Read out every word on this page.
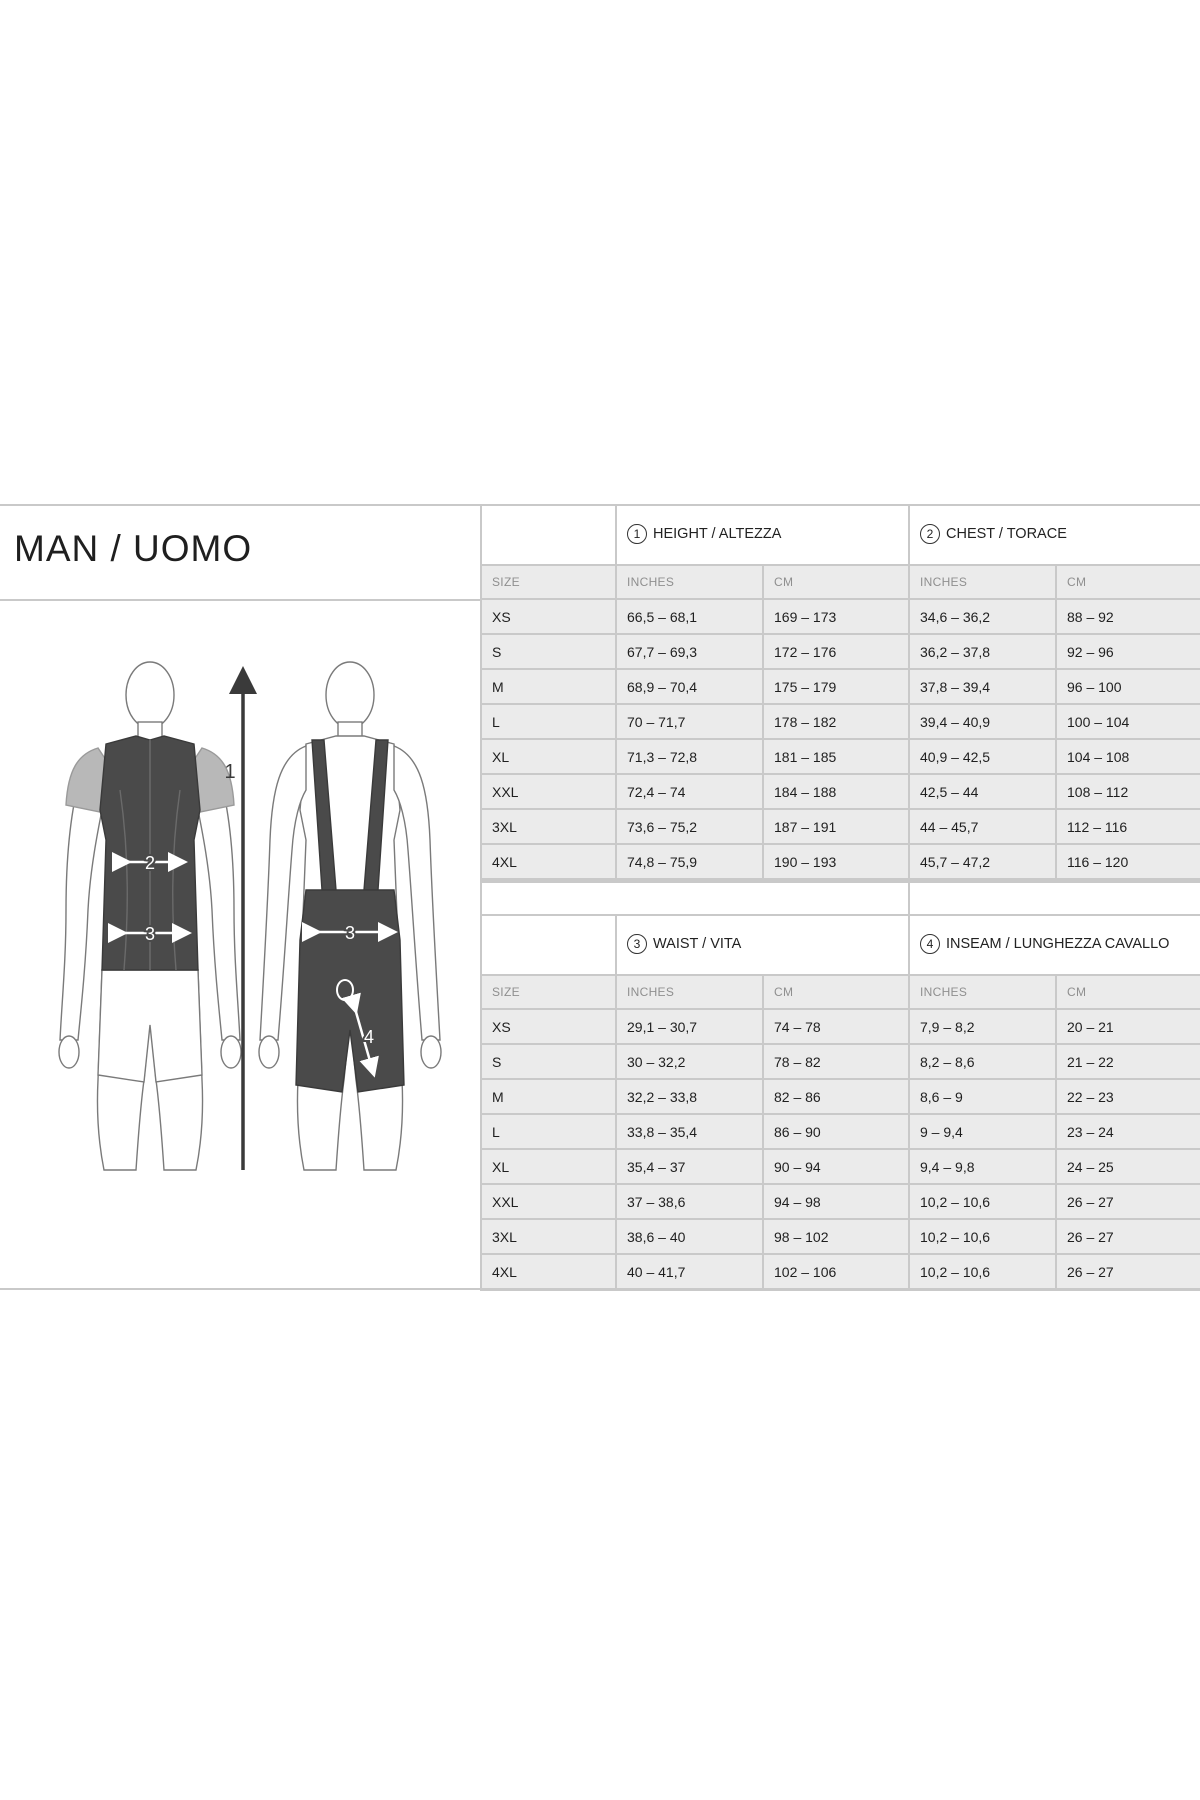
MAN / UOMO
2
3
1
3
4
1 HEIGHT / ALTEZZA	2 CHEST / TORACE
SIZE	INCHES	CM	INCHES	CM
XS	66,5 – 68,1	169 – 173	34,6 – 36,2	88 – 92
S	67,7 – 69,3	172 – 176	36,2 – 37,8	92 – 96
M	68,9 – 70,4	175 – 179	37,8 – 39,4	96 – 100
L	70 – 71,7	178 – 182	39,4 – 40,9	100 – 104
XL	71,3 – 72,8	181 – 185	40,9 – 42,5	104 – 108
XXL	72,4 – 74	184 – 188	42,5 – 44	108 – 112
3XL	73,6 – 75,2	187 – 191	44 – 45,7	112 – 116
4XL	74,8 – 75,9	190 – 193	45,7 – 47,2	116 – 120
3 WAIST / VITA	4 INSEAM / LUNGHEZZA CAVALLO
SIZE	INCHES	CM	INCHES	CM
XS	29,1 – 30,7	74 – 78	7,9 – 8,2	20 – 21
S	30 – 32,2	78 – 82	8,2 – 8,6	21 – 22
M	32,2 – 33,8	82 – 86	8,6 – 9	22 – 23
L	33,8 – 35,4	86 – 90	9 – 9,4	23 – 24
XL	35,4 – 37	90 – 94	9,4 – 9,8	24 – 25
XXL	37 – 38,6	94 – 98	10,2 – 10,6	26 – 27
3XL	38,6 – 40	98 – 102	10,2 – 10,6	26 – 27
4XL	40 – 41,7	102 – 106	10,2 – 10,6	26 – 27
